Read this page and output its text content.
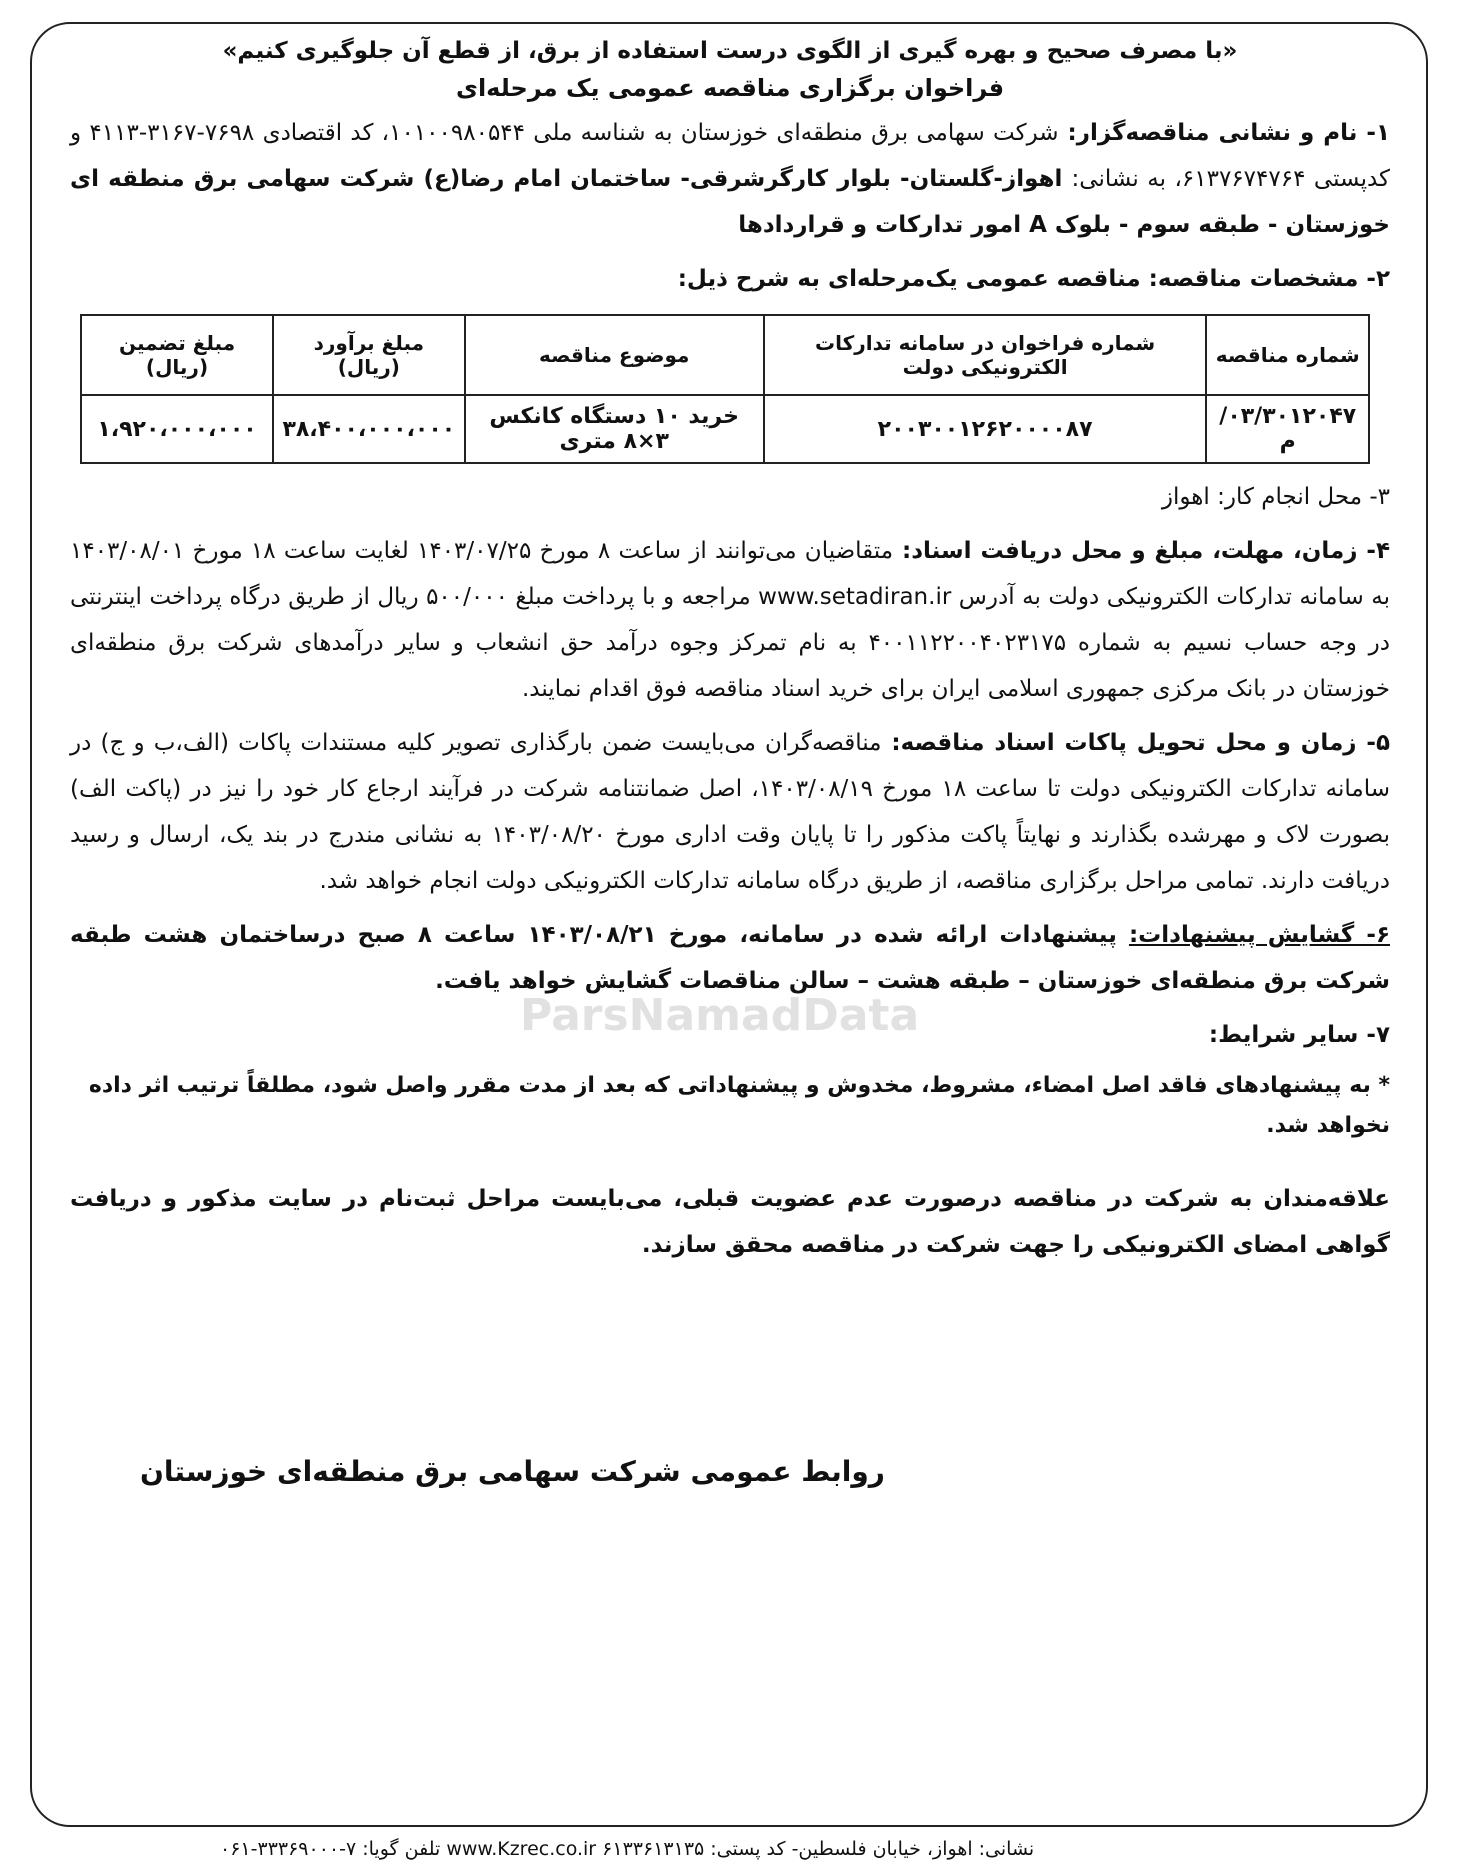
«با مصرف صحیح و بهره گیری از الگوی درست استفاده از برق، از قطع آن جلوگیری کنیم»
فراخوان برگزاری مناقصه عمومی یک مرحله‌ای
۱- نام و نشانی مناقصه‌گزار: شرکت سهامی برق منطقه‌ای خوزستان به شناسه ملی ۱۰۱۰۰۹۸۰۵۴۴، کد اقتصادی ۷۶۹۸-۳۱۶۷-۴۱۱۳ و کدپستی ۶۱۳۷۶۷۴۷۶۴، به نشانی: اهواز-گلستان- بلوار کارگرشرقی- ساختمان امام رضا(ع) شرکت سهامی برق منطقه ای خوزستان - طبقه سوم - بلوک A امور تدارکات و قراردادها
۲- مشخصات مناقصه: مناقصه عمومی یک‌مرحله‌ای به شرح ذیل:
شماره مناقصه	شماره فراخوان در سامانه تدارکات الکترونیکی دولت	موضوع مناقصه	مبلغ برآورد (ریال)	مبلغ تضمین (ریال)
۰۳/۳۰۱۲۰۴۷/م	۲۰۰۳۰۰۱۲۶۲۰۰۰۰۸۷	خرید ۱۰ دستگاه کانکس ۳×۸ متری	۳۸،۴۰۰،۰۰۰،۰۰۰	۱،۹۲۰،۰۰۰،۰۰۰
۳- محل انجام کار: اهواز
۴- زمان، مهلت، مبلغ و محل دریافت اسناد: متقاضیان می‌توانند از ساعت ۸ مورخ ۱۴۰۳/۰۷/۲۵ لغایت ساعت ۱۸ مورخ ۱۴۰۳/۰۸/۰۱ به سامانه تدارکات الکترونیکی دولت به آدرس www.setadiran.ir مراجعه و با پرداخت مبلغ ۵۰۰/۰۰۰ ریال از طریق درگاه پرداخت اینترنتی در وجه حساب نسیم به شماره ۴۰۰۱۱۲۲۰۰۴۰۲۳۱۷۵ به نام تمرکز وجوه درآمد حق انشعاب و سایر درآمدهای شرکت برق منطقه‌ای خوزستان در بانک مرکزی جمهوری اسلامی ایران برای خرید اسناد مناقصه فوق اقدام نمایند.
۵- زمان و محل تحویل پاکات اسناد مناقصه: مناقصه‌گران می‌بایست ضمن بارگذاری تصویر کلیه مستندات پاکات (الف،ب و ج) در سامانه تدارکات الکترونیکی دولت تا ساعت ۱۸ مورخ ۱۴۰۳/۰۸/۱۹، اصل ضمانتنامه شرکت در فرآیند ارجاع کار خود را نیز در (پاکت الف) بصورت لاک و مهرشده بگذارند و نهایتاً پاکت مذکور را تا پایان وقت اداری مورخ ۱۴۰۳/۰۸/۲۰ به نشانی مندرج در بند یک، ارسال و رسید دریافت دارند. تمامی مراحل برگزاری مناقصه، از طریق درگاه سامانه تدارکات الکترونیکی دولت انجام خواهد شد.
۶- گشایش پیشنهادات: پیشنهادات ارائه شده در سامانه، مورخ ۱۴۰۳/۰۸/۲۱ ساعت ۸ صبح درساختمان هشت طبقه شرکت برق منطقه‌ای خوزستان – طبقه هشت – سالن مناقصات گشایش خواهد یافت.
۷- سایر شرایط:
* به پیشنهادهای فاقد اصل امضاء، مشروط، مخدوش و پیشنهاداتی که بعد از مدت مقرر واصل شود، مطلقاً ترتیب اثر داده نخواهد شد.
علاقه‌مندان به شرکت در مناقصه درصورت عدم عضویت قبلی، می‌بایست مراحل ثبت‌نام در سایت مذکور و دریافت گواهی امضای الکترونیکی را جهت شرکت در مناقصه محقق سازند.
ParsNamadData
روابط عمومی شرکت سهامی برق منطقه‌ای خوزستان
نشانی: اهواز، خیابان فلسطین- کد پستی: ۶۱۳۳۶۱۳۱۳۵ www.Kzrec.co.ir تلفن گویا: ۷-۳۳۳۶۹۰۰۰-۰۶۱
